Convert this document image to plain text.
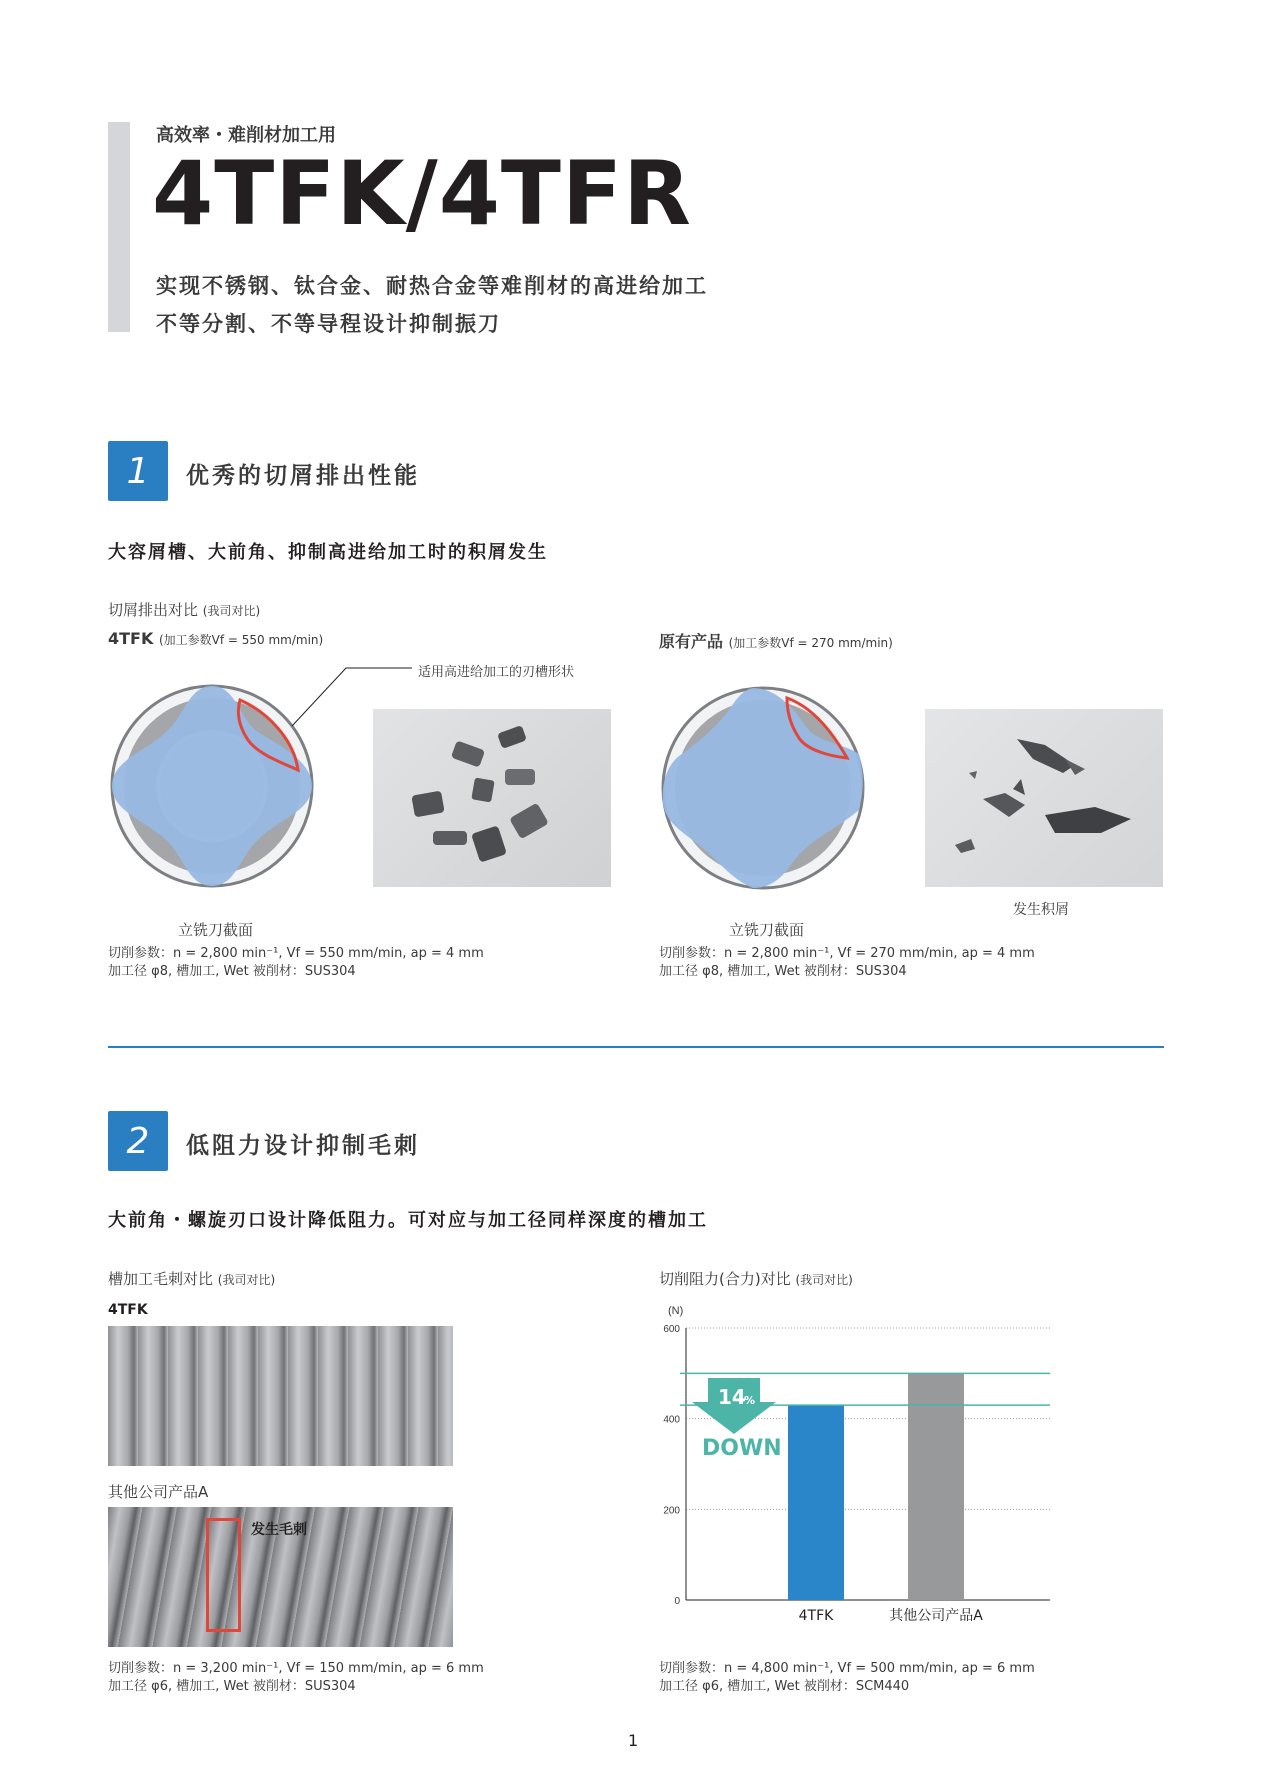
高效率・难削材加工用
4TFK/4TFR
实现不锈钢、钛合金、耐热合金等难削材的高进给加工
不等分割、不等导程设计抑制振刀
1	优秀的切屑排出性能
大容屑槽、大前角、抑制高进给加工时的积屑发生
切屑排出对比 (我司对比)
4TFK (加工参数Vf = 550 mm/min)	原有产品 (加工参数Vf = 270 mm/min)
适用高进给加工的刃槽形状
立铣刀截面
切削参数：n = 2,800 min⁻¹, Vf = 550 mm/min, ap = 4 mm
加工径 φ8, 槽加工, Wet 被削材：SUS304
发生积屑
立铣刀截面
切削参数：n = 2,800 min⁻¹, Vf = 270 mm/min, ap = 4 mm
加工径 φ8, 槽加工, Wet 被削材：SUS304
2	低阻力设计抑制毛刺
大前角・螺旋刃口设计降低阻力。可对应与加工径同样深度的槽加工
槽加工毛刺对比 (我司对比)
4TFK
其他公司产品A
发生毛刺
切削参数：n = 3,200 min⁻¹, Vf = 150 mm/min, ap = 6 mm
加工径 φ6, 槽加工, Wet 被削材：SUS304
切削阻力(合力)对比 (我司对比)
(N)
0
200
400
600
4TFK	其他公司产品A
14
%
DOWN
切削参数：n = 4,800 min⁻¹, Vf = 500 mm/min, ap = 6 mm
加工径 φ6, 槽加工, Wet 被削材：SCM440
1
